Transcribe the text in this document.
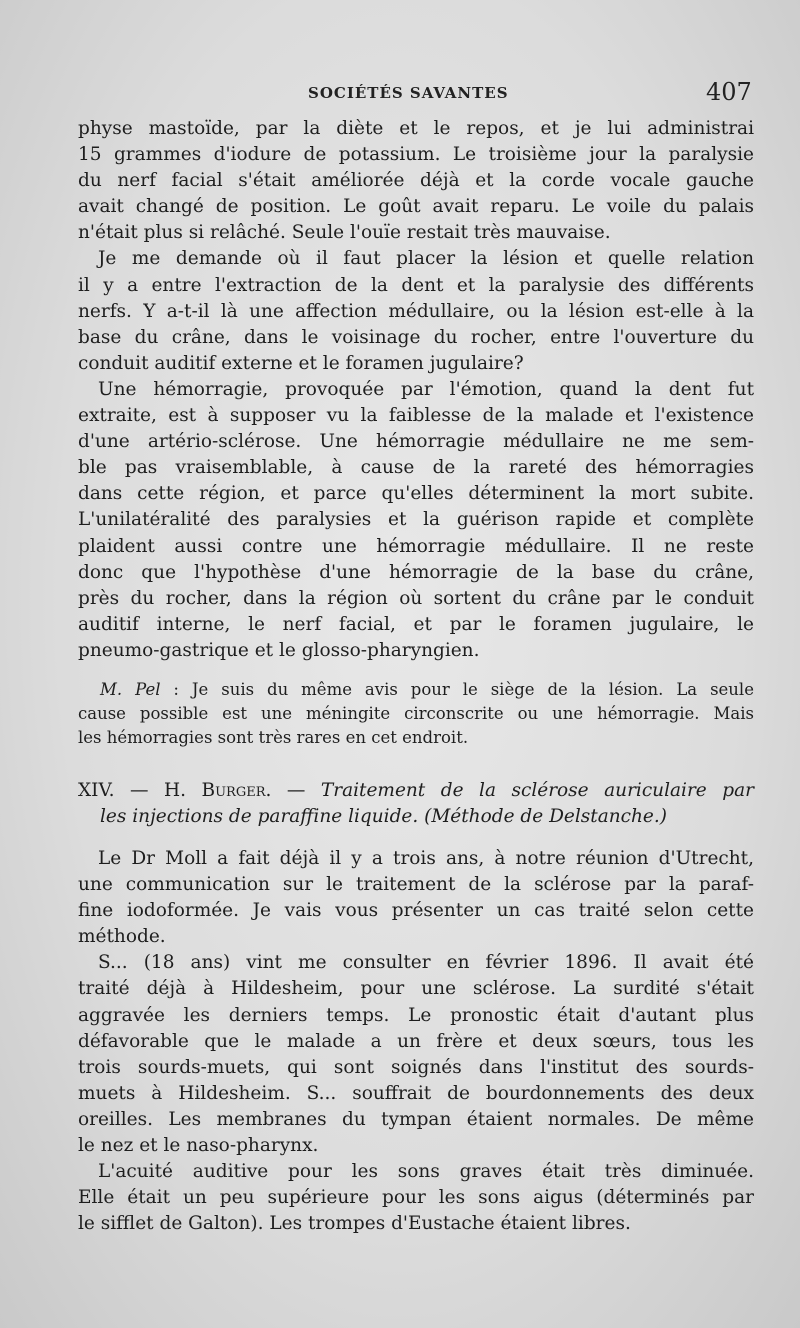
SOCIÉTÉS SAVANTES	407
physe mastoïde, par la diète et le repos, et je lui administrai
15 grammes d'iodure de potassium. Le troisième jour la paralysie
du nerf facial s'était améliorée déjà et la corde vocale gauche
avait changé de position. Le goût avait reparu. Le voile du palais
n'était plus si relâché. Seule l'ouïe restait très mauvaise.
Je me demande où il faut placer la lésion et quelle relation
il y a entre l'extraction de la dent et la paralysie des différents
nerfs. Y a-t-il là une affection médullaire, ou la lésion est-elle à la
base du crâne, dans le voisinage du rocher, entre l'ouverture du
conduit auditif externe et le foramen jugulaire?
Une hémorragie, provoquée par l'émotion, quand la dent fut
extraite, est à supposer vu la faiblesse de la malade et l'existence
d'une artério-sclérose. Une hémorragie médullaire ne me sem-
ble pas vraisemblable, à cause de la rareté des hémorragies
dans cette région, et parce qu'elles déterminent la mort subite.
L'unilatéralité des paralysies et la guérison rapide et complète
plaident aussi contre une hémorragie médullaire. Il ne reste
donc que l'hypothèse d'une hémorragie de la base du crâne,
près du rocher, dans la région où sortent du crâne par le conduit
auditif interne, le nerf facial, et par le foramen jugulaire, le
pneumo-gastrique et le glosso-pharyngien.
M. Pel : Je suis du même avis pour le siège de la lésion. La seule
cause possible est une méningite circonscrite ou une hémorragie. Mais
les hémorragies sont très rares en cet endroit.
XIV. — H. Burger. — Traitement de la sclérose auriculaire par
les injections de paraffine liquide. (Méthode de Delstanche.)
Le Dr Moll a fait déjà il y a trois ans, à notre réunion d'Utrecht,
une communication sur le traitement de la sclérose par la paraf-
fine iodoformée. Je vais vous présenter un cas traité selon cette
méthode.
S... (18 ans) vint me consulter en février 1896. Il avait été
traité déjà à Hildesheim, pour une sclérose. La surdité s'était
aggravée les derniers temps. Le pronostic était d'autant plus
défavorable que le malade a un frère et deux sœurs, tous les
trois sourds-muets, qui sont soignés dans l'institut des sourds-
muets à Hildesheim. S... souffrait de bourdonnements des deux
oreilles. Les membranes du tympan étaient normales. De même
le nez et le naso-pharynx.
L'acuité auditive pour les sons graves était très diminuée.
Elle était un peu supérieure pour les sons aigus (déterminés par
le sifflet de Galton). Les trompes d'Eustache étaient libres.
